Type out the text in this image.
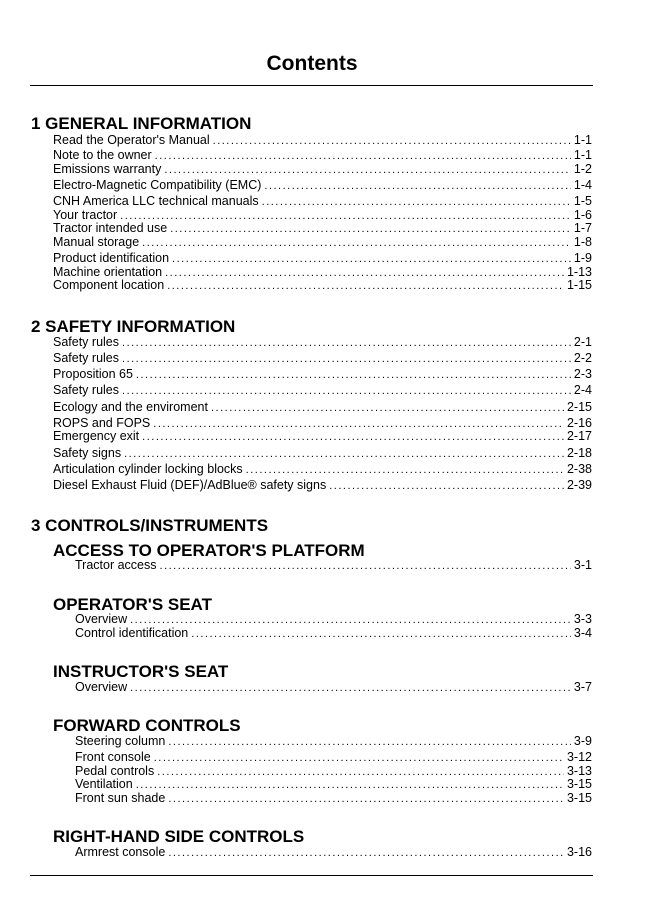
Contents
1 GENERAL INFORMATION
Read the Operator's Manual .....	1-1
Note to the owner .....	1-1
Emissions warranty .....	1-2
Electro-Magnetic Compatibility (EMC) .....	1-4
CNH America LLC technical manuals .....	1-5
Your tractor .....	1-6
Tractor intended use .....	1-7
Manual storage .....	1-8
Product identification .....	1-9
Machine orientation .....	1-13
Component location .....	1-15
2 SAFETY INFORMATION
Safety rules .....	2-1
Safety rules .....	2-2
Proposition 65 .....	2-3
Safety rules .....	2-4
Ecology and the enviroment .....	2-15
ROPS and FOPS .....	2-16
Emergency exit .....	2-17
Safety signs .....	2-18
Articulation cylinder locking blocks .....	2-38
Diesel Exhaust Fluid (DEF)/AdBlue® safety signs .....	2-39
3 CONTROLS/INSTRUMENTS
ACCESS TO OPERATOR'S PLATFORM
Tractor access .....	3-1
OPERATOR'S SEAT
Overview .....	3-3
Control identification .....	3-4
INSTRUCTOR'S SEAT
Overview .....	3-7
FORWARD CONTROLS
Steering column .....	3-9
Front console .....	3-12
Pedal controls .....	3-13
Ventilation .....	3-15
Front sun shade .....	3-15
RIGHT-HAND SIDE CONTROLS
Armrest console .....	3-16
